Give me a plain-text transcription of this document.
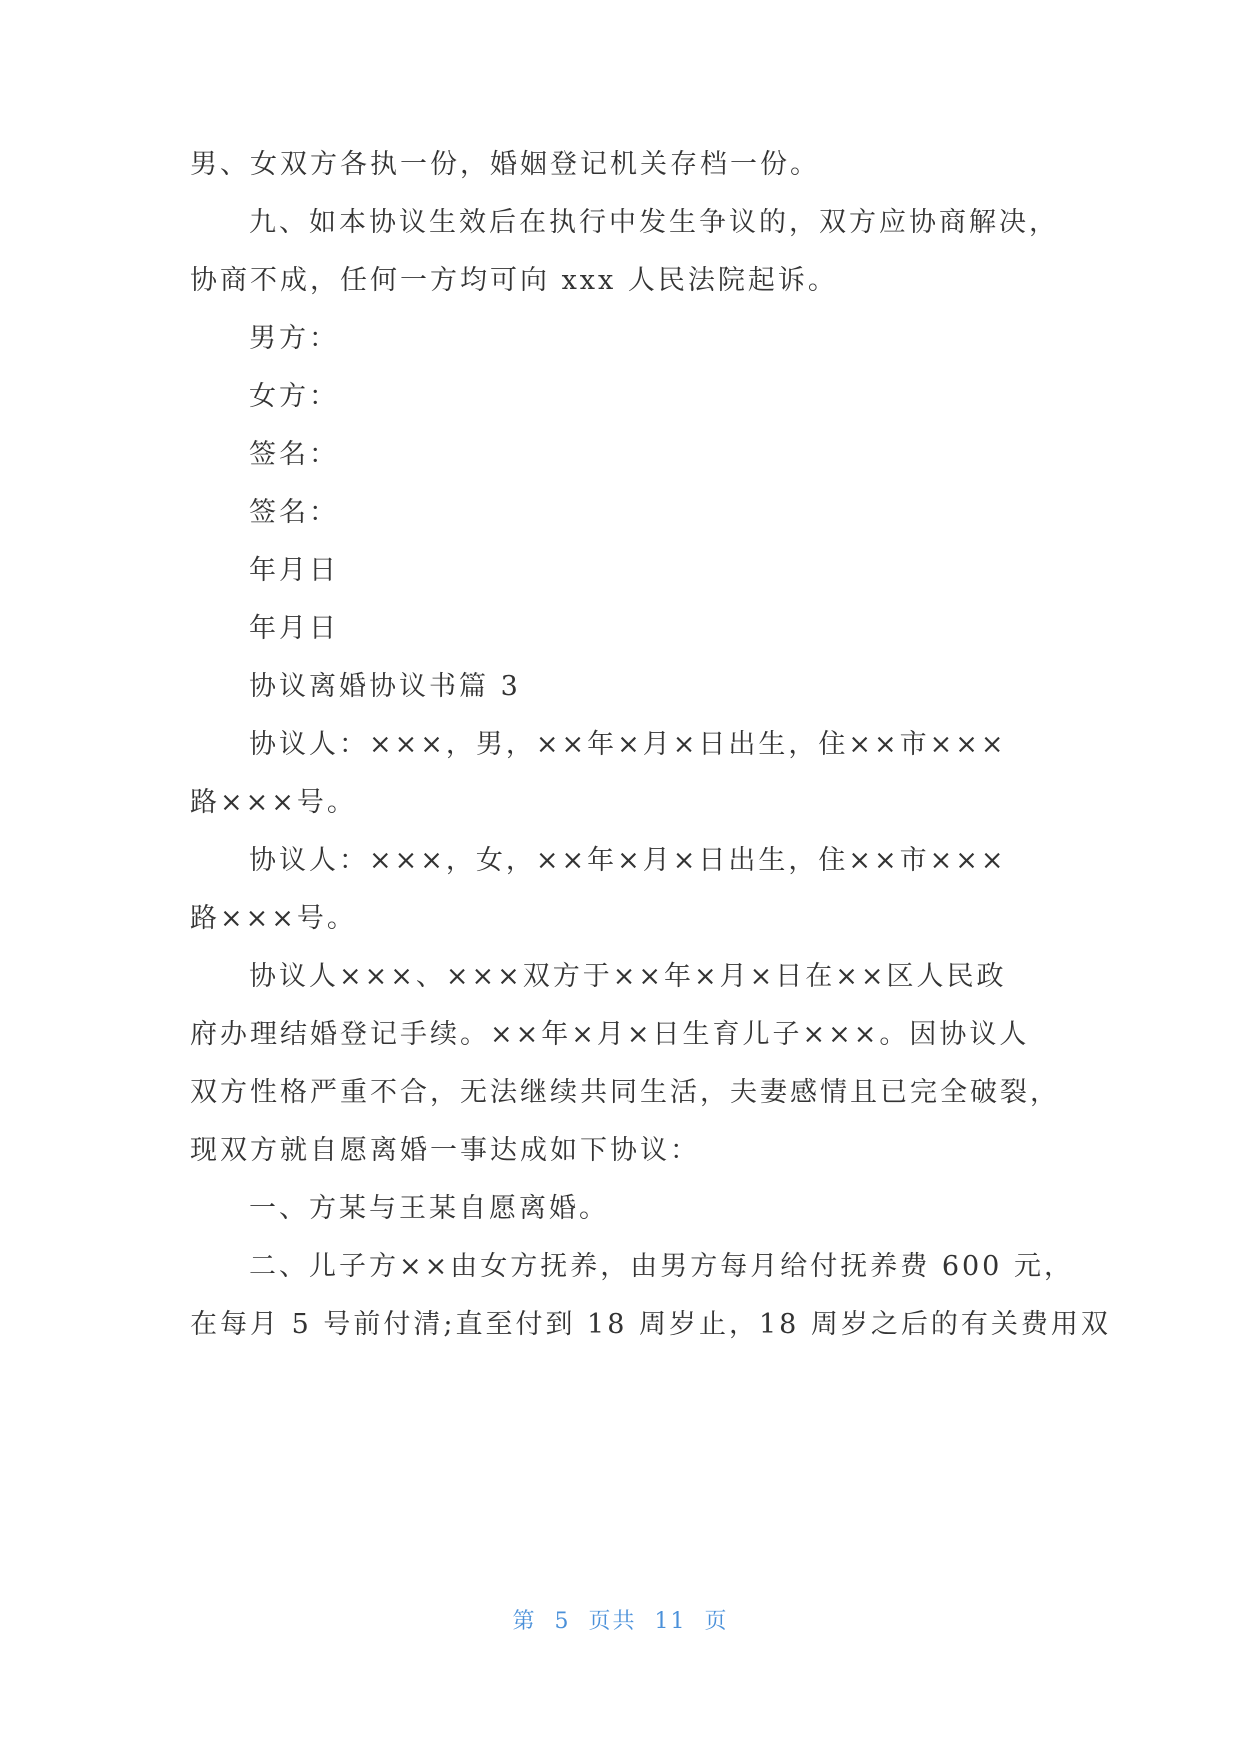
男、女双方各执一份，婚姻登记机关存档一份。
九、如本协议生效后在执行中发生争议的，双方应协商解决，
协商不成，任何一方均可向 xxx 人民法院起诉。
男方：
女方：
签名：
签名：
年月日
年月日
协议离婚协议书篇 3
协议人：×××，男，××年×月×日出生，住××市×××
路×××号。
协议人：×××，女，××年×月×日出生，住××市×××
路×××号。
协议人×××、×××双方于××年×月×日在××区人民政
府办理结婚登记手续。××年×月×日生育儿子×××。因协议人
双方性格严重不合，无法继续共同生活，夫妻感情且已完全破裂，
现双方就自愿离婚一事达成如下协议：
一、方某与王某自愿离婚。
二、儿子方××由女方抚养，由男方每月给付抚养费 600 元，
在每月 5 号前付清;直至付到 18 周岁止，18 周岁之后的有关费用双
第 5 页共 11 页
